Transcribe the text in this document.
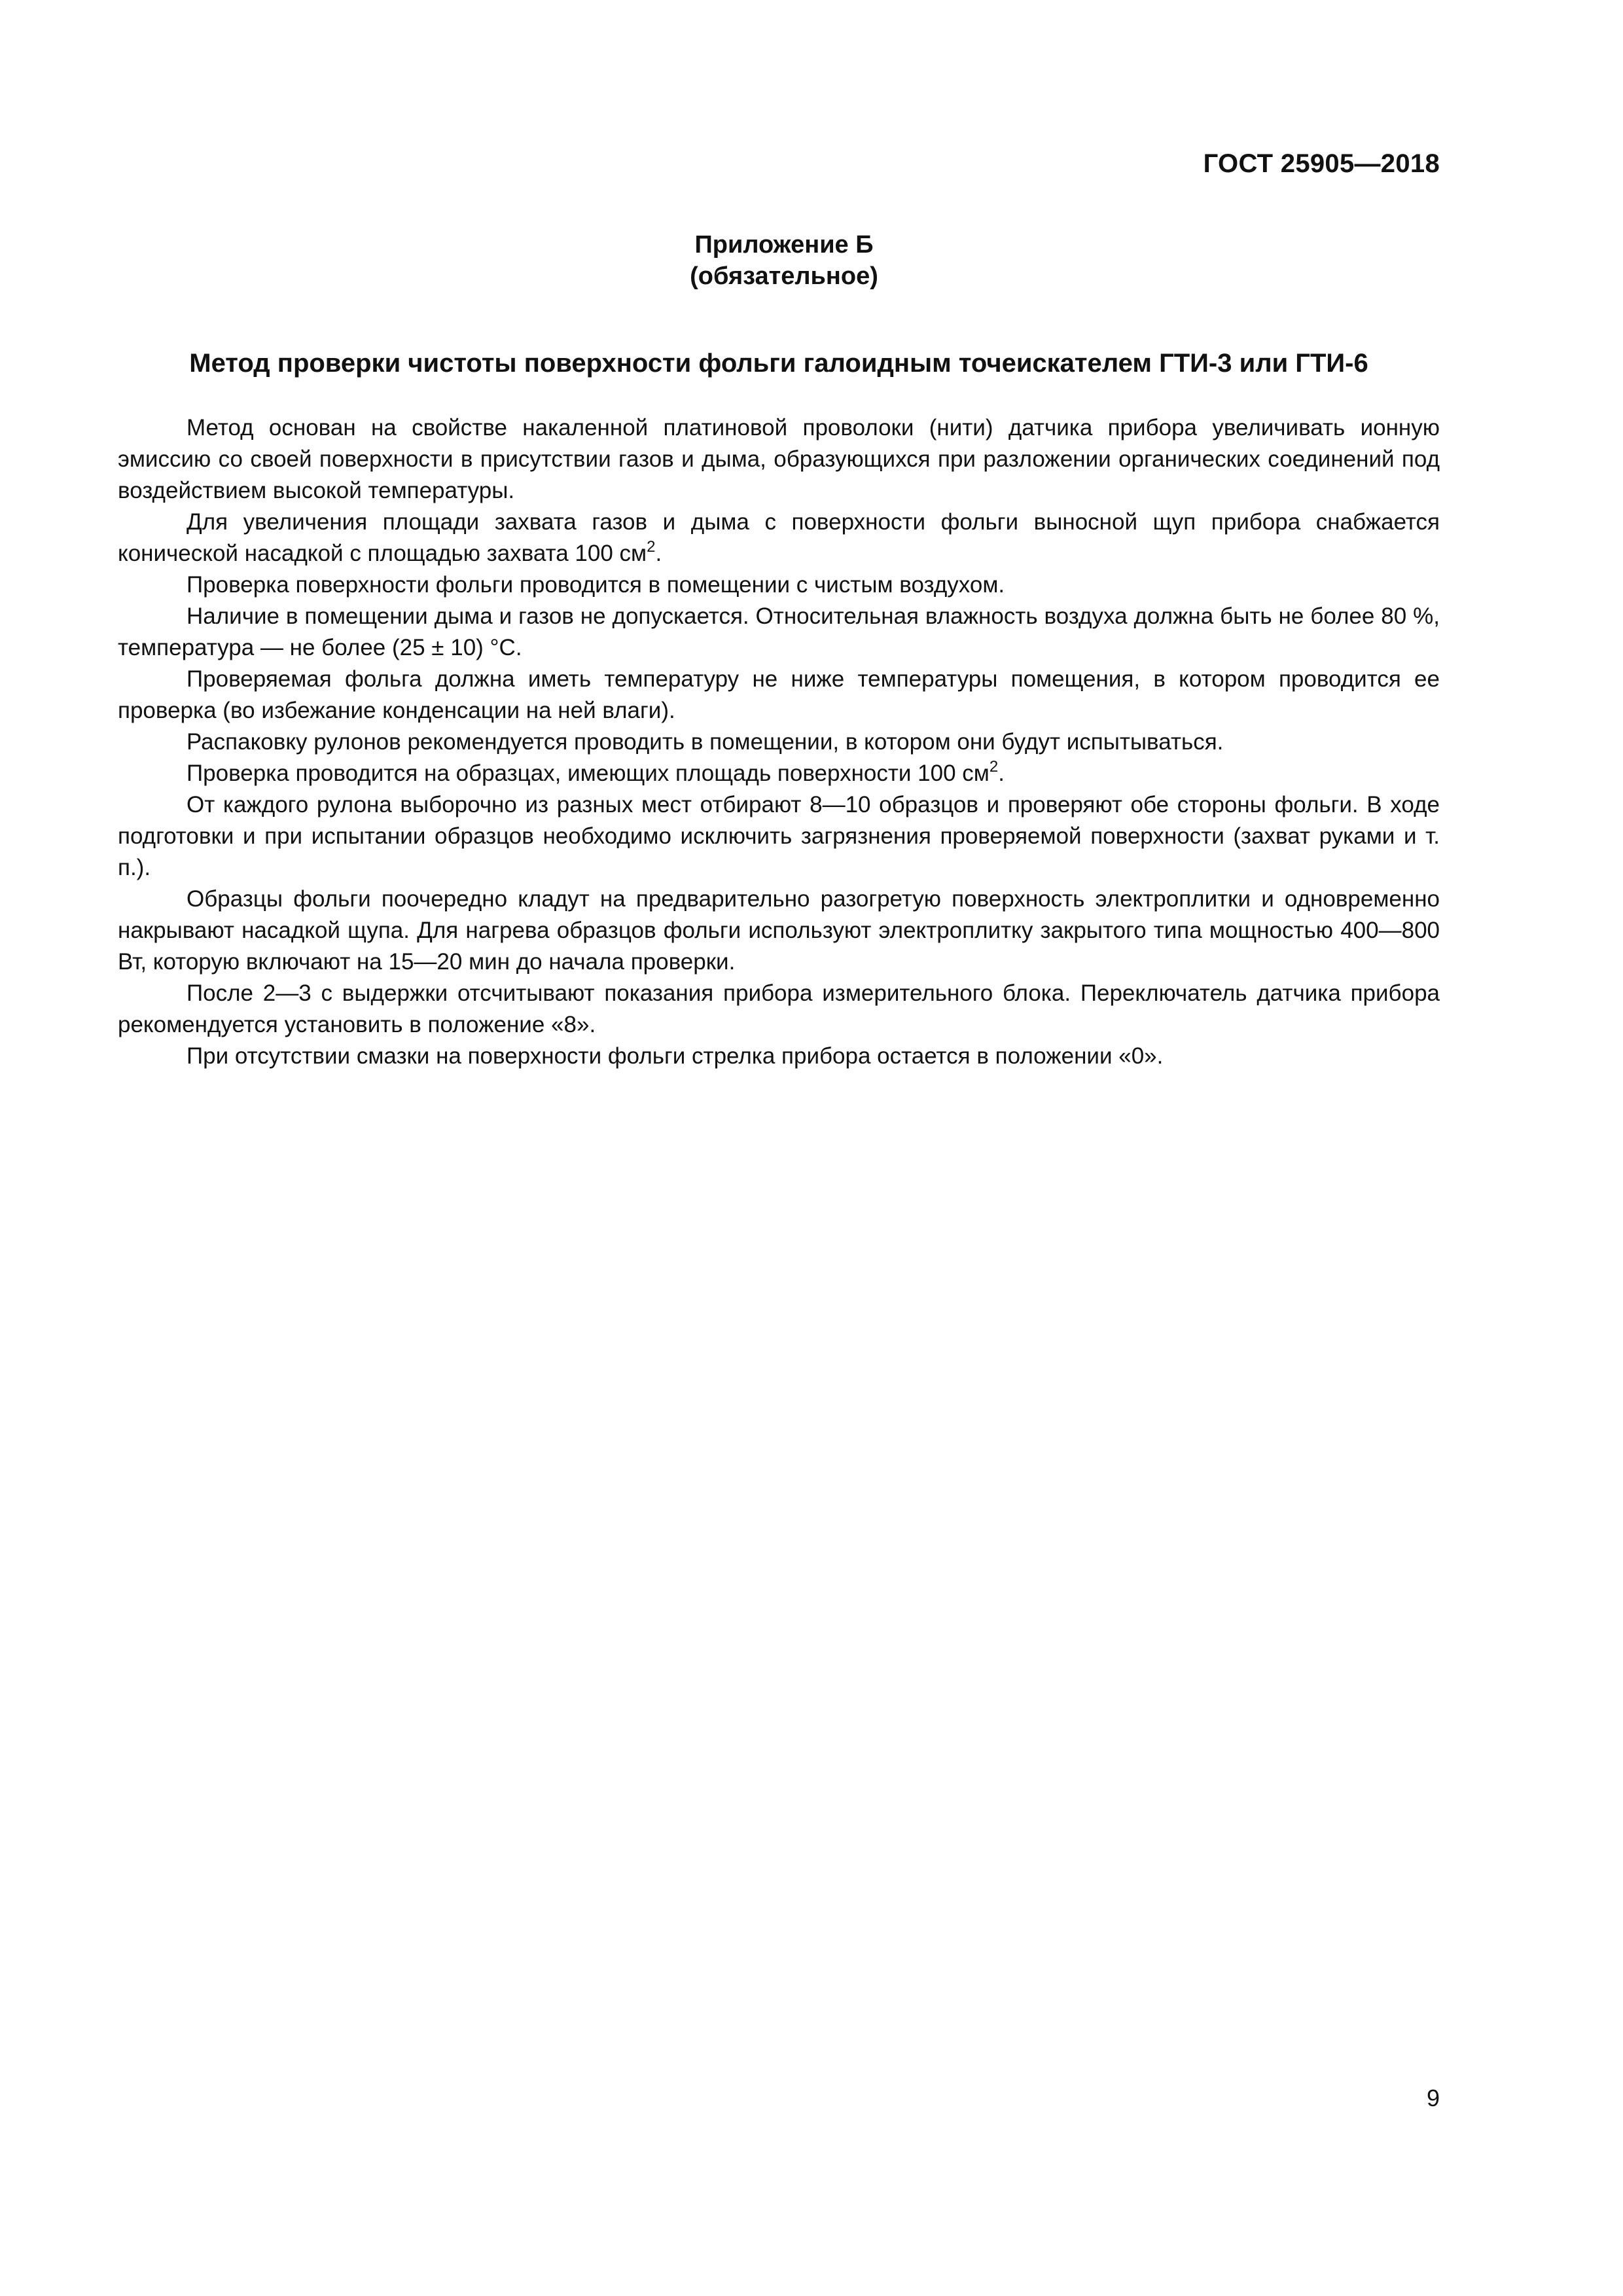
ГОСТ 25905—2018
Приложение Б
(обязательное)
Метод проверки чистоты поверхности фольги галоидным точеискателем ГТИ-3 или ГТИ-6

Метод основан на свойстве накаленной платиновой проволоки (нити) датчика прибора увеличивать ионную эмиссию со своей поверхности в присутствии газов и дыма, образующихся при разложении органических соединений под воздействием высокой температуры.

Для увеличения площади захвата газов и дыма с поверхности фольги выносной щуп прибора снабжается конической насадкой с площадью захвата 100 $см^2$.

Проверка поверхности фольги проводится в помещении с чистым воздухом.

Наличие в помещении дыма и газов не допускается. Относительная влажность воздуха должна быть не более 80 %, температура — не более (25 ± 10) °С.

Проверяемая фольга должна иметь температуру не ниже температуры помещения, в котором проводится ее проверка (во избежание конденсации на ней влаги).

Распаковку рулонов рекомендуется проводить в помещении, в котором они будут испытываться.

Проверка проводится на образцах, имеющих площадь поверхности 100 $см^2$.

От каждого рулона выборочно из разных мест отбирают 8—10 образцов и проверяют обе стороны фольги. В ходе подготовки и при испытании образцов необходимо исключить загрязнения проверяемой поверхности (захват руками и т. п.).

Образцы фольги поочередно кладут на предварительно разогретую поверхность электроплитки и одновременно накрывают насадкой щупа. Для нагрева образцов фольги используют электроплитку закрытого типа мощностью 400—800 Вт, которую включают на 15—20 мин до начала проверки.

После 2—3 с выдержки отсчитывают показания прибора измерительного блока. Переключатель датчика прибора рекомендуется установить в положение «8».

При отсутствии смазки на поверхности фольги стрелка прибора остается в положении «0».

9
